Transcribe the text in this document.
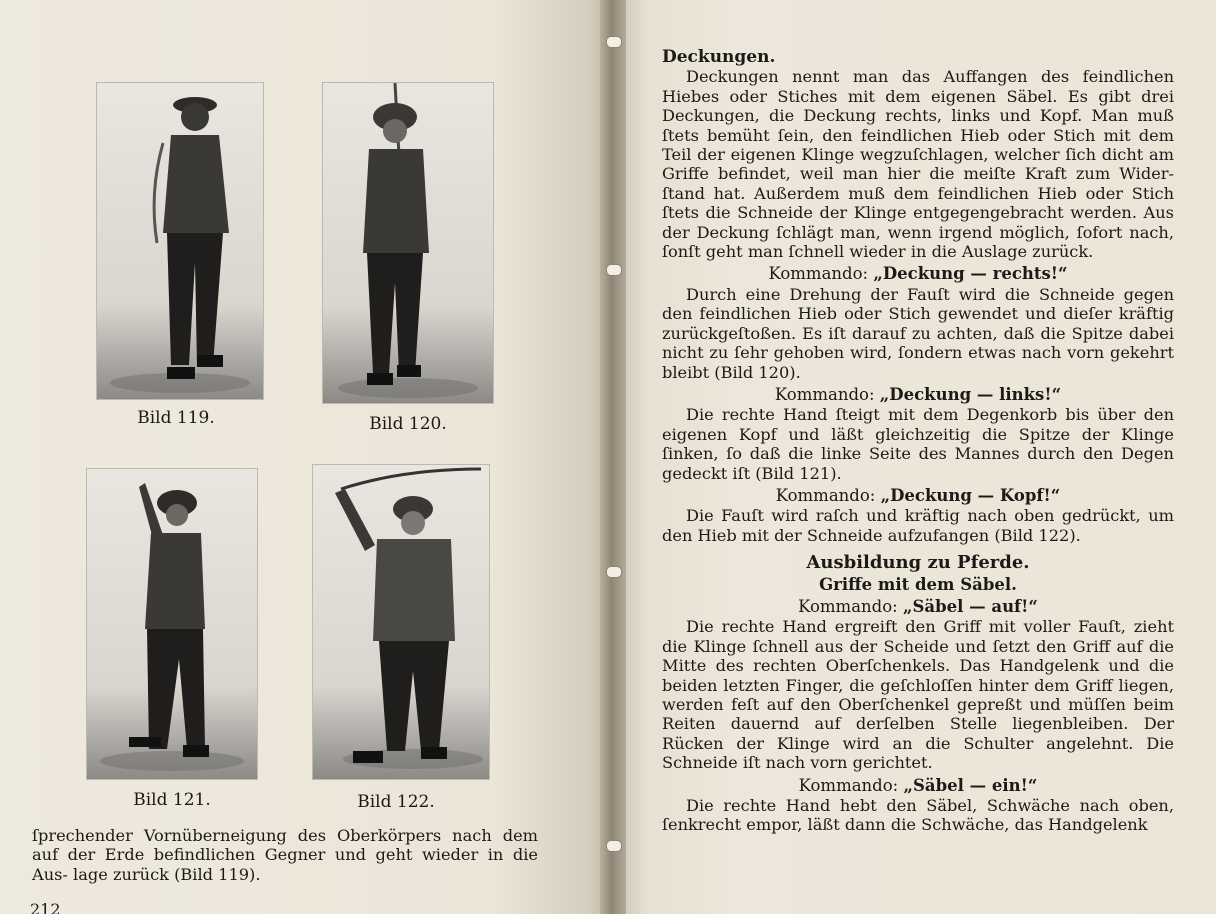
Bild 119.	Bild 120.
Bild 121.	Bild 122.

ſprechender Vornüberneigung des Oberkörpers nach dem auf der Erde befindlichen Gegner und geht wieder in die Aus- lage zurück (Bild 119).

212

Deckungen.

Deckungen nennt man das Auffangen des feindlichen Hiebes oder Stiches mit dem eigenen Säbel. Es gibt drei Deckungen, die Deckung rechts, links und Kopf. Man muß ſtets bemüht ſein, den feindlichen Hieb oder Stich mit dem Teil der eigenen Klinge wegzuſchlagen, welcher ſich dicht am Griffe befindet, weil man hier die meiſte Kraft zum Wider- ſtand hat. Außerdem muß dem feindlichen Hieb oder Stich ſtets die Schneide der Klinge entgegengebracht werden. Aus der Deckung ſchlägt man, wenn irgend möglich, ſofort nach, ſonſt geht man ſchnell wieder in die Auslage zurück.

Kommando: „Deckung — rechts!“

Durch eine Drehung der Fauſt wird die Schneide gegen den feindlichen Hieb oder Stich gewendet und dieſer kräftig zurückgeſtoßen. Es iſt darauf zu achten, daß die Spitze dabei nicht zu ſehr gehoben wird, ſondern etwas nach vorn gekehrt bleibt (Bild 120).

Kommando: „Deckung — links!“

Die rechte Hand ſteigt mit dem Degenkorb bis über den eigenen Kopf und läßt gleichzeitig die Spitze der Klinge ſinken, ſo daß die linke Seite des Mannes durch den Degen gedeckt iſt (Bild 121).

Kommando: „Deckung — Kopf!“

Die Fauſt wird raſch und kräftig nach oben gedrückt, um den Hieb mit der Schneide aufzufangen (Bild 122).

Ausbildung zu Pferde.
Griffe mit dem Säbel.
Kommando: „Säbel — auf!“

Die rechte Hand ergreift den Griff mit voller Fauſt, zieht die Klinge ſchnell aus der Scheide und ſetzt den Griff auf die Mitte des rechten Oberſchenkels. Das Handgelenk und die beiden letzten Finger, die geſchloſſen hinter dem Griff liegen, werden feſt auf den Oberſchenkel gepreßt und müſſen beim Reiten dauernd auf derſelben Stelle liegenbleiben. Der Rücken der Klinge wird an die Schulter angelehnt. Die Schneide iſt nach vorn gerichtet.

Kommando: „Säbel — ein!“

Die rechte Hand hebt den Säbel, Schwäche nach oben, ſenkrecht empor, läßt dann die Schwäche, das Handgelenk
